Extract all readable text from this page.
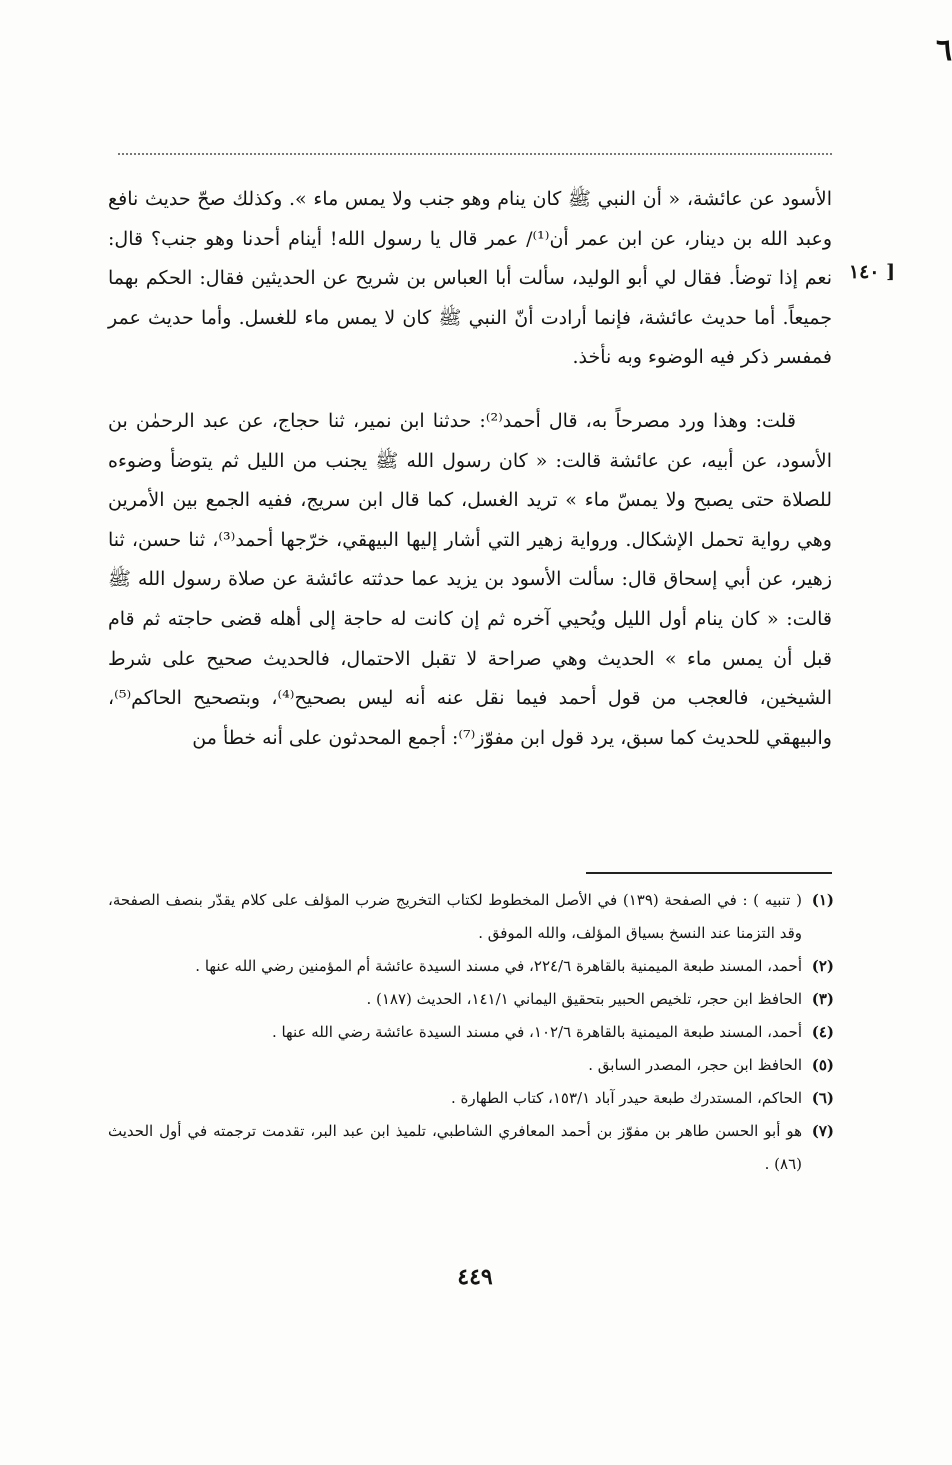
٦
[ ١٤٠

الأسود عن عائشة، « أن النبي ﷺ كان ينام وهو جنب ولا يمس ماء ». وكذلك صحّ حديث نافع وعبد الله بن دينار، عن ابن عمر أن⁽¹⁾/ عمر قال يا رسول الله! أينام أحدنا وهو جنب؟ قال: نعم إذا توضأ. فقال لي أبو الوليد، سألت أبا العباس بن شريح عن الحديثين فقال: الحكم بهما جميعاً. أما حديث عائشة، فإنما أرادت أنّ النبي ﷺ كان لا يمس ماء للغسل. وأما حديث عمر فمفسر ذكر فيه الوضوء وبه نأخذ.

قلت: وهذا ورد مصرحاً به، قال أحمد⁽²⁾: حدثنا ابن نمير، ثنا حجاج، عن عبد الرحمٰن بن الأسود، عن أبيه، عن عائشة قالت: « كان رسول الله ﷺ يجنب من الليل ثم يتوضأ وضوءه للصلاة حتى يصبح ولا يمسّ ماء » تريد الغسل، كما قال ابن سريج، ففيه الجمع بين الأمرين وهي رواية تحمل الإشكال. ورواية زهير التي أشار إليها البيهقي، خرّجها أحمد⁽³⁾، ثنا حسن، ثنا زهير، عن أبي إسحاق قال: سألت الأسود بن يزيد عما حدثته عائشة عن صلاة رسول الله ﷺ قالت: « كان ينام أول الليل ويُحيي آخره ثم إن كانت له حاجة إلى أهله قضى حاجته ثم قام قبل أن يمس ماء » الحديث وهي صراحة لا تقبل الاحتمال، فالحديث صحيح على شرط الشيخين، فالعجب من قول أحمد فيما نقل عنه أنه ليس بصحيح⁽⁴⁾، وبتصحيح الحاكم⁽⁵⁾، والبيهقي للحديث كما سبق، يرد قول ابن مفوّز⁽⁷⁾: أجمع المحدثون على أنه خطأ من

(١)
( تنبيه ) : في الصفحة (١٣٩) في الأصل المخطوط لكتاب التخريج ضرب المؤلف على كلام يقدّر بنصف الصفحة، وقد التزمنا عند النسخ بسياق المؤلف، والله الموفق .
(٢)
أحمد، المسند طبعة الميمنية بالقاهرة ٢٢٤/٦، في مسند السيدة عائشة أم المؤمنين رضي الله عنها .
(٣)
الحافظ ابن حجر، تلخيص الحبير بتحقيق اليماني ١٤١/١، الحديث (١٨٧) .
(٤)
أحمد، المسند طبعة الميمنية بالقاهرة ١٠٢/٦، في مسند السيدة عائشة رضي الله عنها .
(٥)
الحافظ ابن حجر، المصدر السابق .
(٦)
الحاكم، المستدرك طبعة حيدر آباد ١٥٣/١، كتاب الطهارة .
(٧)
هو أبو الحسن طاهر بن مفوّز بن أحمد المعافري الشاطبي، تلميذ ابن عبد البر، تقدمت ترجمته في أول الحديث (٨٦) .
٤٤٩
